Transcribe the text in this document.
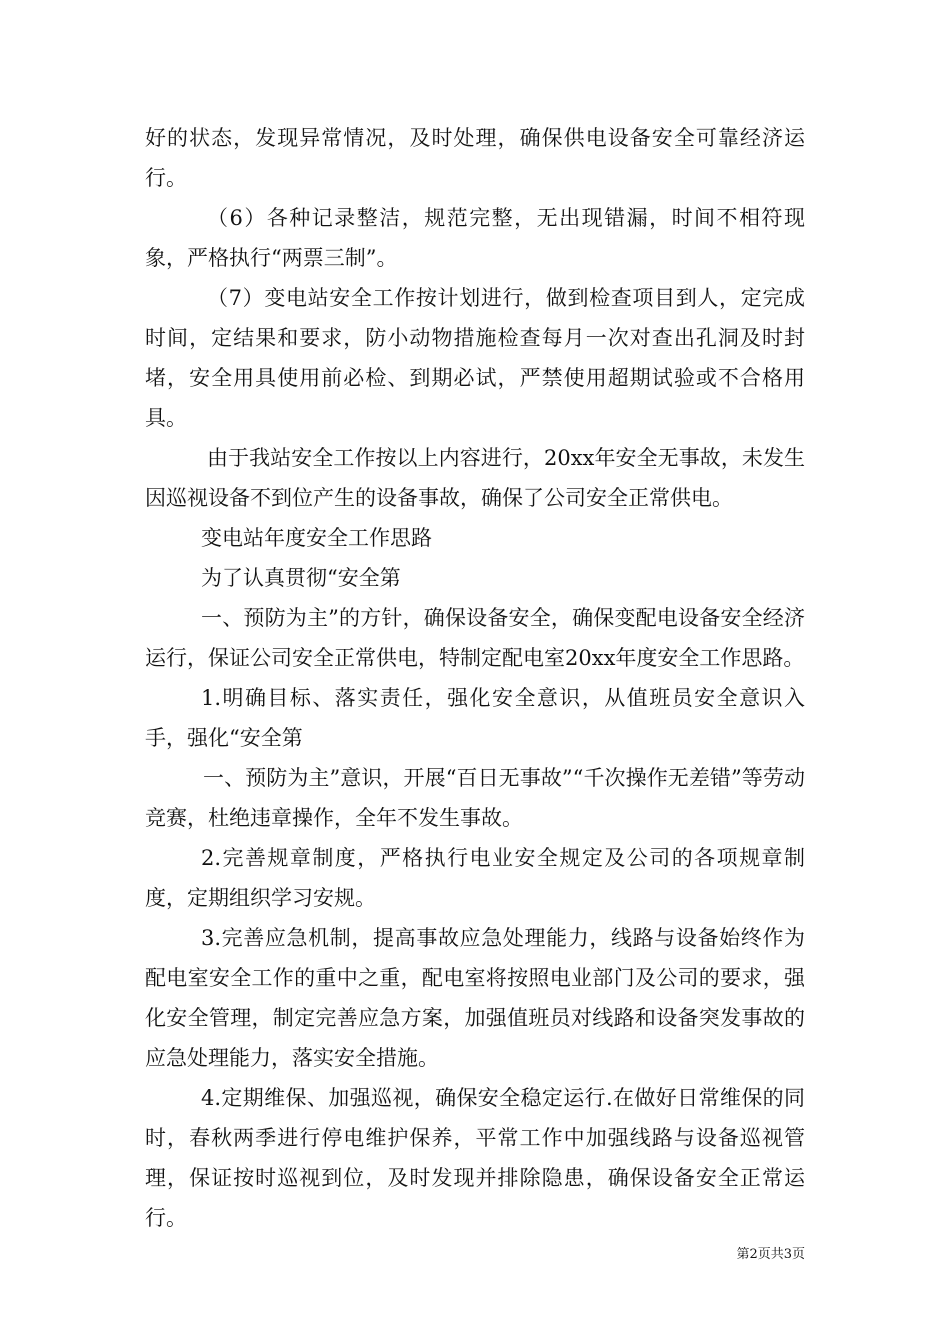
好的状态，发现异常情况，及时处理，确保供电设备安全可靠经济运行。

（6）各种记录整洁，规范完整，无出现错漏，时间不相符现象，严格执行“两票三制”。

（7）变电站安全工作按计划进行，做到检查项目到人，定完成时间，定结果和要求，防小动物措施检查每月一次对查出孔洞及时封堵，安全用具使用前必检、到期必试，严禁使用超期试验或不合格用具。

由于我站安全工作按以上内容进行，20xx年安全无事故，未发生因巡视设备不到位产生的设备事故，确保了公司安全正常供电。

变电站年度安全工作思路

为了认真贯彻“安全第

一、预防为主”的方针，确保设备安全，确保变配电设备安全经济运行，保证公司安全正常供电，特制定配电室20xx年度安全工作思路。

1.明确目标、落实责任，强化安全意识，从值班员安全意识入手，强化“安全第

一、预防为主”意识，开展“百日无事故”“千次操作无差错”等劳动竞赛，杜绝违章操作，全年不发生事故。

2.完善规章制度，严格执行电业安全规定及公司的各项规章制度，定期组织学习安规。

3.完善应急机制，提高事故应急处理能力，线路与设备始终作为配电室安全工作的重中之重，配电室将按照电业部门及公司的要求，强化安全管理，制定完善应急方案，加强值班员对线路和设备突发事故的应急处理能力，落实安全措施。

4.定期维保、加强巡视，确保安全稳定运行.在做好日常维保的同时，春秋两季进行停电维护保养，平常工作中加强线路与设备巡视管理，保证按时巡视到位，及时发现并排除隐患，确保设备安全正常运行。

第2页共3页
